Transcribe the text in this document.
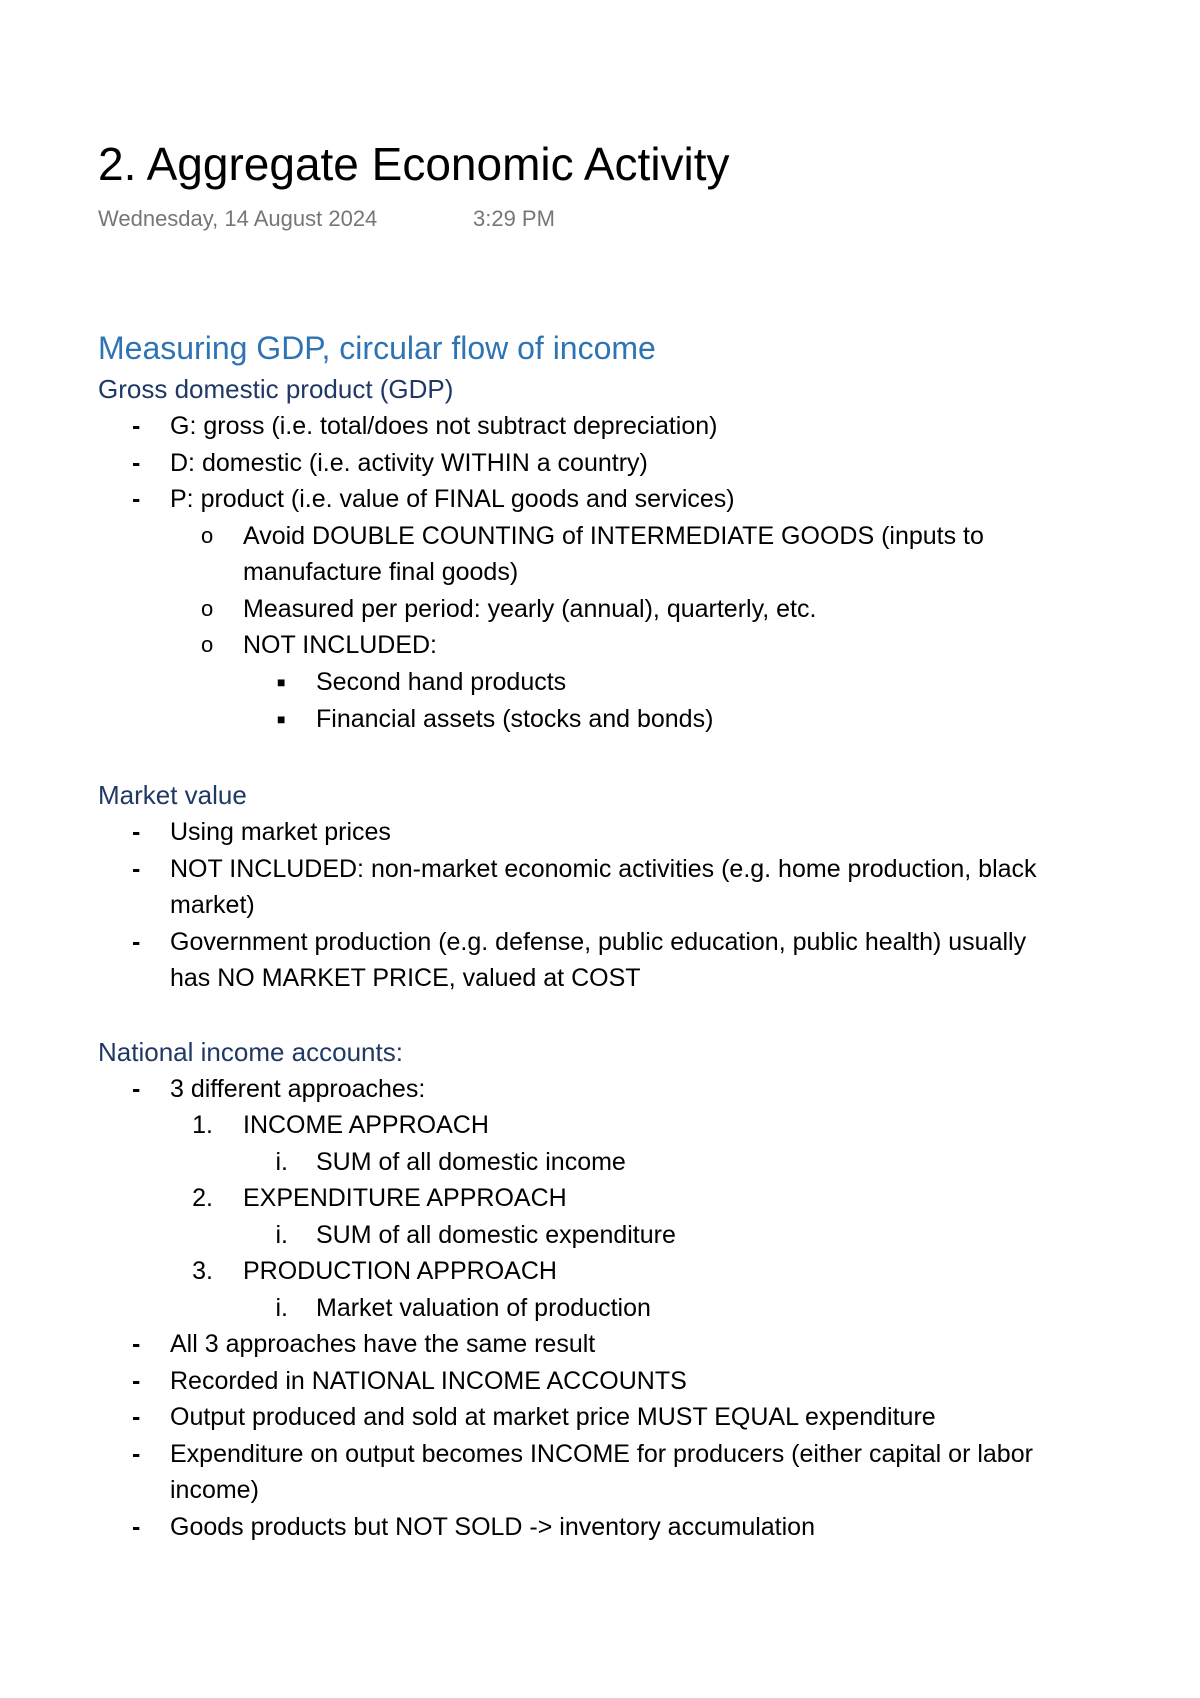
2. Aggregate Economic Activity
Wednesday, 14 August 2024	3:29 PM
Measuring GDP, circular flow of income
Gross domestic product (GDP)
- G: gross (i.e. total/does not subtract depreciation)
- D: domestic (i.e. activity WITHIN a country)
- P: product (i.e. value of FINAL goods and services)
o Avoid DOUBLE COUNTING of INTERMEDIATE GOODS (inputs to
manufacture final goods)
o Measured per period: yearly (annual), quarterly, etc.
o NOT INCLUDED:
■ Second hand products
■ Financial assets (stocks and bonds)
Market value
- Using market prices
- NOT INCLUDED: non-market economic activities (e.g. home production, black
market)
- Government production (e.g. defense, public education, public health) usually
has NO MARKET PRICE, valued at COST
National income accounts:
- 3 different approaches:
1. INCOME APPROACH
i. SUM of all domestic income
2. EXPENDITURE APPROACH
i. SUM of all domestic expenditure
3. PRODUCTION APPROACH
i. Market valuation of production
- All 3 approaches have the same result
- Recorded in NATIONAL INCOME ACCOUNTS
- Output produced and sold at market price MUST EQUAL expenditure
- Expenditure on output becomes INCOME for producers (either capital or labor
income)
- Goods products but NOT SOLD -> inventory accumulation
